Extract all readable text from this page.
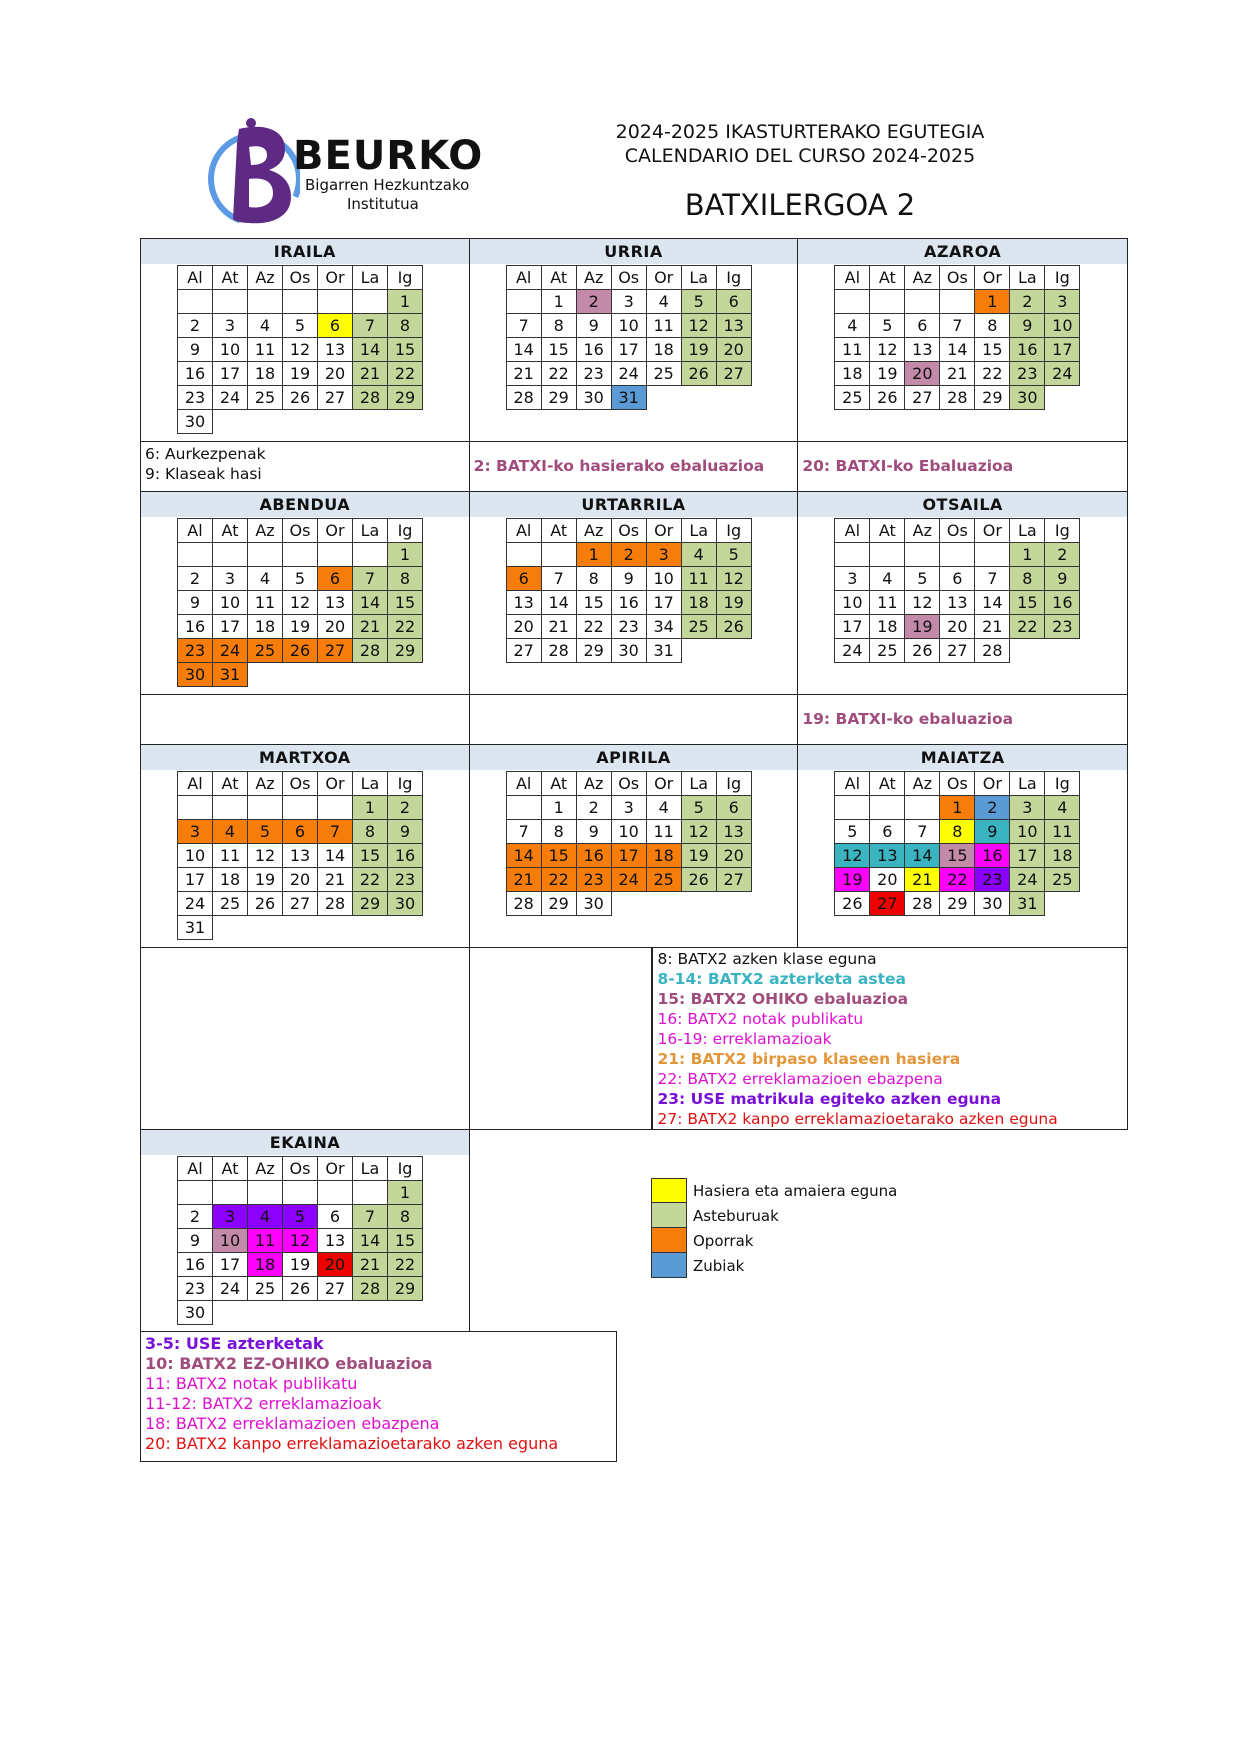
BEURKO
Bigarren Hezkuntzako
Institutua
2024-2025 IKASTURTERAKO EGUTEGIA
CALENDARIO DEL CURSO 2024-2025
BATXILERGOA 2
IRAILA
Al	At	Az	Os	Or	La	Ig
						1
2	3	4	5	6	7	8
9	10	11	12	13	14	15
16	17	18	19	20	21	22
23	24	25	26	27	28	29
30						
URRIA
Al	At	Az	Os	Or	La	Ig
	1	2	3	4	5	6
7	8	9	10	11	12	13
14	15	16	17	18	19	20
21	22	23	24	25	26	27
28	29	30	31			
AZAROA
Al	At	Az	Os	Or	La	Ig
				1	2	3
4	5	6	7	8	9	10
11	12	13	14	15	16	17
18	19	20	21	22	23	24
25	26	27	28	29	30	
6: Aurkezpenak
9: Klaseak hasi	2: BATXI-ko hasierako ebaluazioa	20: BATXI-ko Ebaluazioa
ABENDUA
Al	At	Az	Os	Or	La	Ig
						1
2	3	4	5	6	7	8
9	10	11	12	13	14	15
16	17	18	19	20	21	22
23	24	25	26	27	28	29
30	31					
URTARRILA
Al	At	Az	Os	Or	La	Ig
		1	2	3	4	5
6	7	8	9	10	11	12
13	14	15	16	17	18	19
20	21	22	23	34	25	26
27	28	29	30	31		
OTSAILA
Al	At	Az	Os	Or	La	Ig
					1	2
3	4	5	6	7	8	9
10	11	12	13	14	15	16
17	18	19	20	21	22	23
24	25	26	27	28		
19: BATXI-ko ebaluazioa
MARTXOA
Al	At	Az	Os	Or	La	Ig
					1	2
3	4	5	6	7	8	9
10	11	12	13	14	15	16
17	18	19	20	21	22	23
24	25	26	27	28	29	30
31						
APIRILA
Al	At	Az	Os	Or	La	Ig
	1	2	3	4	5	6
7	8	9	10	11	12	13
14	15	16	17	18	19	20
21	22	23	24	25	26	27
28	29	30				
MAIATZA
Al	At	Az	Os	Or	La	Ig
			1	2	3	4
5	6	7	8	9	10	11
12	13	14	15	16	17	18
19	20	21	22	23	24	25
26	27	28	29	30	31	
8: BATX2 azken klase eguna
8-14: BATX2 azterketa astea
15: BATX2 OHIKO ebaluazioa
16: BATX2 notak publikatu
16-19: erreklamazioak
21: BATX2 birpaso klaseen hasiera
22: BATX2 erreklamazioen ebazpena
23: USE matrikula egiteko azken eguna
27: BATX2 kanpo erreklamazioetarako azken eguna
EKAINA
Al	At	Az	Os	Or	La	Ig
						1
2	3	4	5	6	7	8
9	10	11	12	13	14	15
16	17	18	19	20	21	22
23	24	25	26	27	28	29
30						
3-5: USE azterketak
10: BATX2 EZ-OHIKO ebaluazioa
11: BATX2 notak publikatu
11-12: BATX2 erreklamazioak
18: BATX2 erreklamazioen ebazpena
20: BATX2 kanpo erreklamazioetarako azken eguna
Hasiera eta amaiera eguna
Asteburuak
Oporrak
Zubiak
